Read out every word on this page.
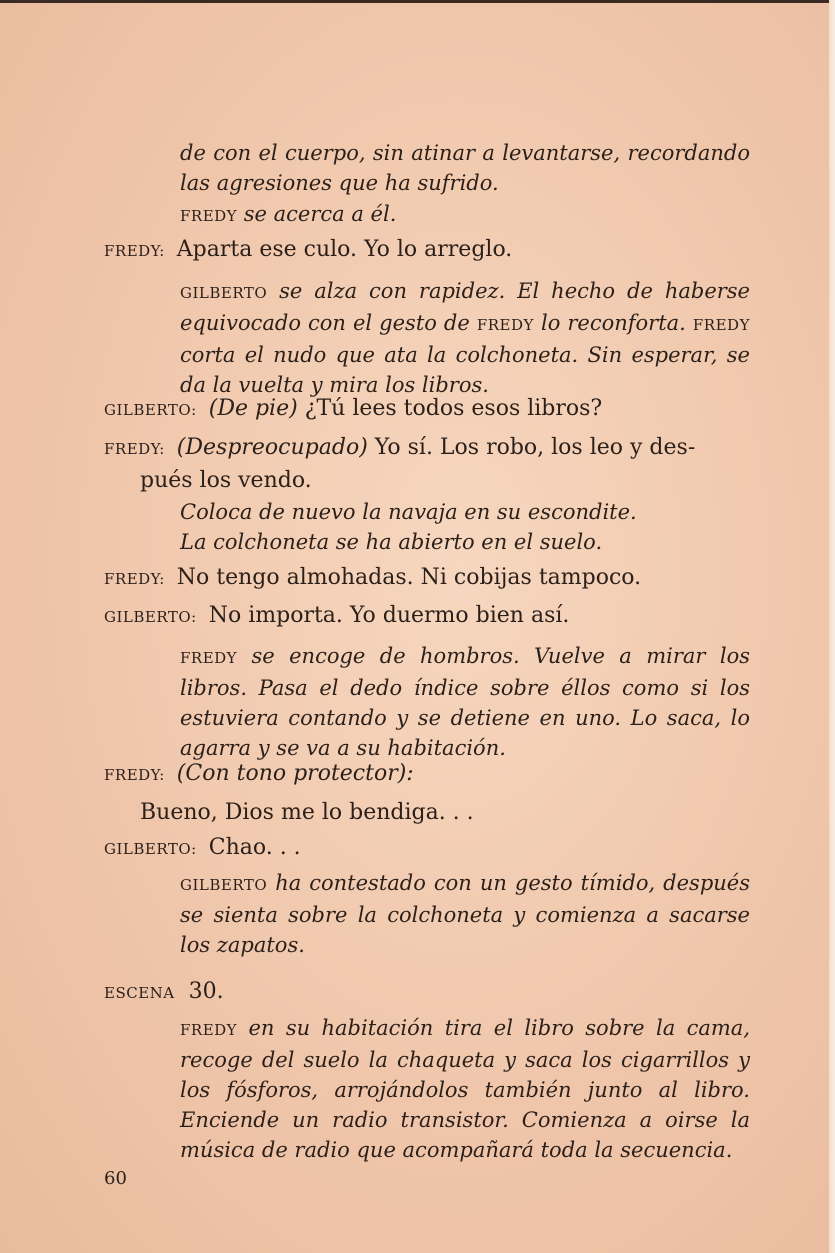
de con el cuerpo, sin atinar a levantarse, recordando las agresiones que ha sufrido.
FREDY se acerca a él.
FREDY: Aparta ese culo. Yo lo arreglo.
GILBERTO se alza con rapidez. El hecho de haberse equivocado con el gesto de FREDY lo reconforta. FREDY corta el nudo que ata la colchoneta. Sin esperar, se da la vuelta y mira los libros.
GILBERTO: (De pie) ¿Tú lees todos esos libros?
FREDY: (Despreocupado) Yo sí. Los robo, los leo y des-
pués los vendo.
Coloca de nuevo la navaja en su escondite.
La colchoneta se ha abierto en el suelo.
FREDY: No tengo almohadas. Ni cobijas tampoco.
GILBERTO: No importa. Yo duermo bien así.
FREDY se encoge de hombros. Vuelve a mirar los libros. Pasa el dedo índice sobre éllos como si los estuviera contando y se detiene en uno. Lo saca, lo agarra y se va a su habitación.
FREDY: (Con tono protector):
Bueno, Dios me lo bendiga. . .
GILBERTO: Chao. . .
GILBERTO ha contestado con un gesto tímido, después se sienta sobre la colchoneta y comienza a sacarse los zapatos.
ESCENA 30.
FREDY en su habitación tira el libro sobre la cama, recoge del suelo la chaqueta y saca los cigarrillos y los fósforos, arrojándolos también junto al libro. Enciende un radio transistor. Comienza a oirse la música de radio que acompañará toda la secuencia.
60
